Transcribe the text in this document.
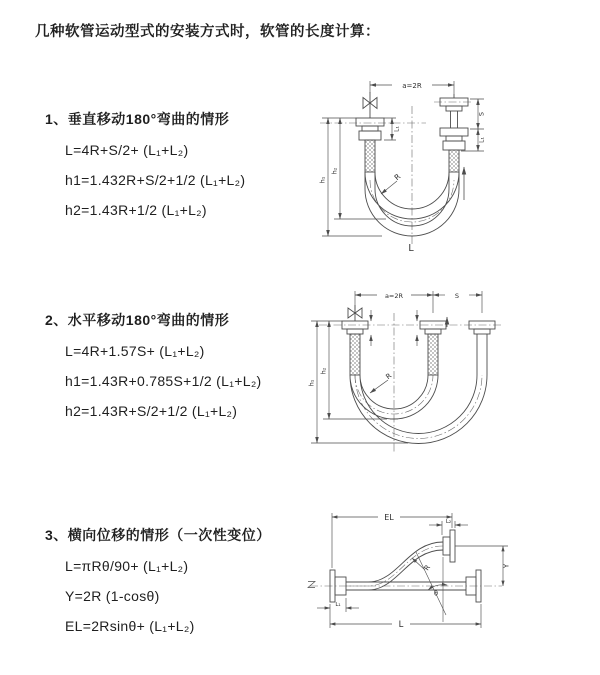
几种软管运动型式的安装方式时，软管的长度计算：
1、垂直移动180°弯曲的情形
L=4R+S/2+ (L₁+L₂)
h1=1.432R+S/2+1/2 (L₁+L₂)
h2=1.43R+1/2 (L₁+L₂)
2、水平移动180°弯曲的情形
L=4R+1.57S+ (L₁+L₂)
h1=1.43R+0.785S+1/2 (L₁+L₂)
h2=1.43R+S/2+1/2 (L₁+L₂)
3、横向位移的情形（一次性变位）
L=πRθ/90+ (L₁+L₂)
Y=2R (1-cosθ)
EL=2Rsinθ+ (L₁+L₂)
a=2R
L₁
h₁
h₂
S
L₁
R
L
a=2R	S
h₁
h₂
R
EL
L₂
Y
L
L₁
θ
R
